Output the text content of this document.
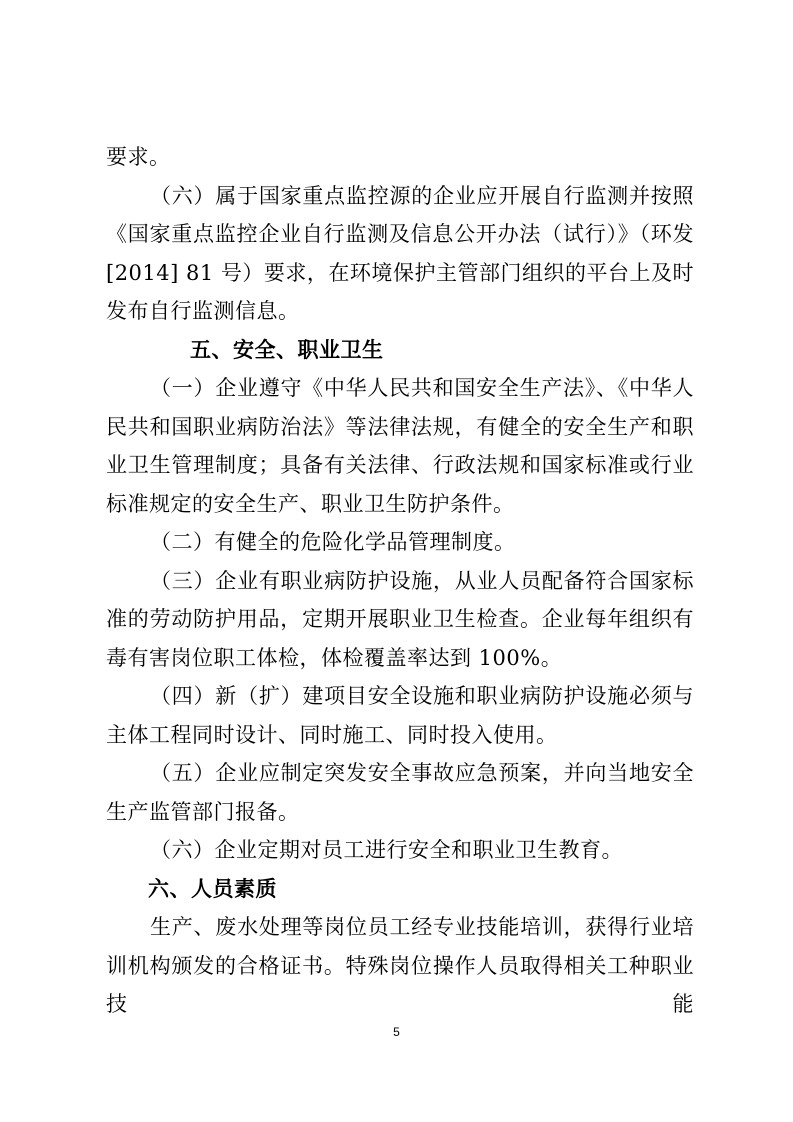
要求。

（六）属于国家重点监控源的企业应开展自行监测并按照《国家重点监控企业自行监测及信息公开办法（试行）》（环发[2014] 81 号）要求，在环境保护主管部门组织的平台上及时发布自行监测信息。

五、安全、职业卫生

（一）企业遵守《中华人民共和国安全生产法》、《中华人民共和国职业病防治法》等法律法规，有健全的安全生产和职业卫生管理制度；具备有关法律、行政法规和国家标准或行业标准规定的安全生产、职业卫生防护条件。

（二）有健全的危险化学品管理制度。

（三）企业有职业病防护设施，从业人员配备符合国家标准的劳动防护用品，定期开展职业卫生检查。企业每年组织有毒有害岗位职工体检，体检覆盖率达到 100%。

（四）新（扩）建项目安全设施和职业病防护设施必须与主体工程同时设计、同时施工、同时投入使用。

（五）企业应制定突发安全事故应急预案，并向当地安全生产监管部门报备。

（六）企业定期对员工进行安全和职业卫生教育。

六、人员素质

生产、废水处理等岗位员工经专业技能培训，获得行业培训机构颁发的合格证书。特殊岗位操作人员取得相关工种职业技能

5
